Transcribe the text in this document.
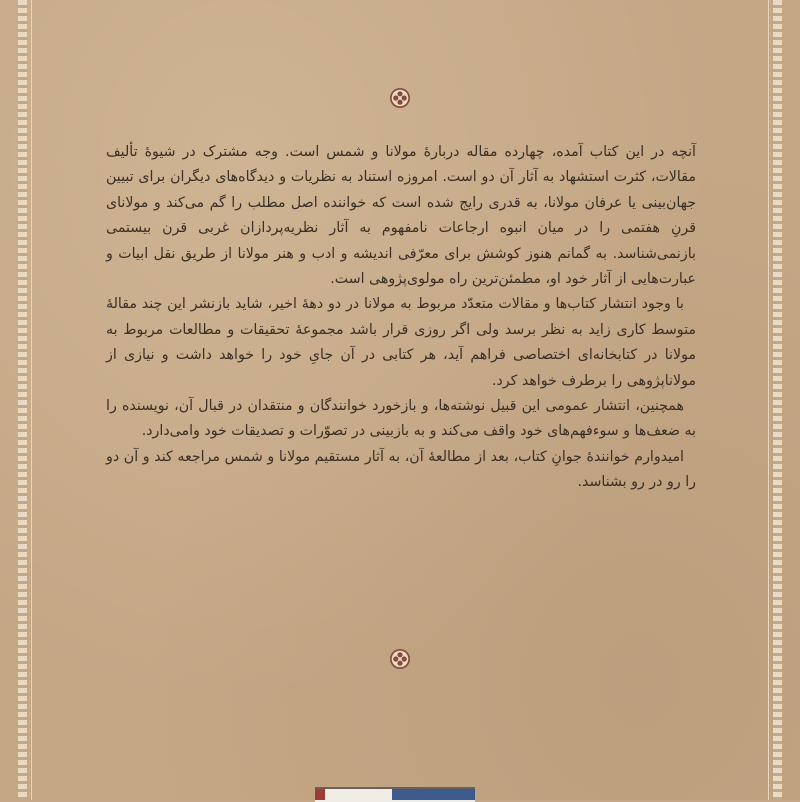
آنچه در این کتاب آمده، چهارده مقاله دربارهٔ مولانا و شمس است. وجه مشترک در شیوهٔ تألیف مقالات، کثرت استشهاد به آثار آن دو است. امروزه استناد به نظریات و دیدگاه‌های دیگران برای تبیین جهان‌بینی یا عرفان مولانا، به قدری رایج شده است که خواننده اصل مطلب را گم می‌کند و مولانای قرنِ هفتمی را در میان انبوه ارجاعات نامفهوم به آثار نظریه‌پردازان غربی قرن بیستمی بازنمی‌شناسد. به گمانم هنوز کوشش برای معرّفی اندیشه و ادب و هنر مولانا از طریق نقل ابیات و عبارت‌هایی از آثار خود او، مطمئن‌ترین راه مولوی‌پژوهی است.

با وجود انتشار کتاب‌ها و مقالات متعدّد مربوط به مولانا در دو دههٔ اخیر، شاید بازنشر این چند مقالهٔ متوسط کاری زاید به نظر برسد ولی اگر روزی قرار باشد مجموعهٔ تحقیقات و مطالعات مربوط به مولانا در کتابخانه‌ای اختصاصی فراهم آید، هر کتابی در آن جایِ خود را خواهد داشت و نیازی از مولاناپژوهی را برطرف خواهد کرد.

همچنین، انتشار عمومی این قبیل نوشته‌ها، و بازخورد خوانندگان و منتقدان در قبال آن، نویسنده را به ضعف‌ها و سوءفهم‌های خود واقف می‌کند و به بازبینی در تصوّرات و تصدیقات خود وامی‌دارد.

امیدوارم خوانندهٔ جوانِ کتاب، بعد از مطالعهٔ آن، به آثار مستقیم مولانا و شمس مراجعه کند و آن دو را رو در رو بشناسد.
